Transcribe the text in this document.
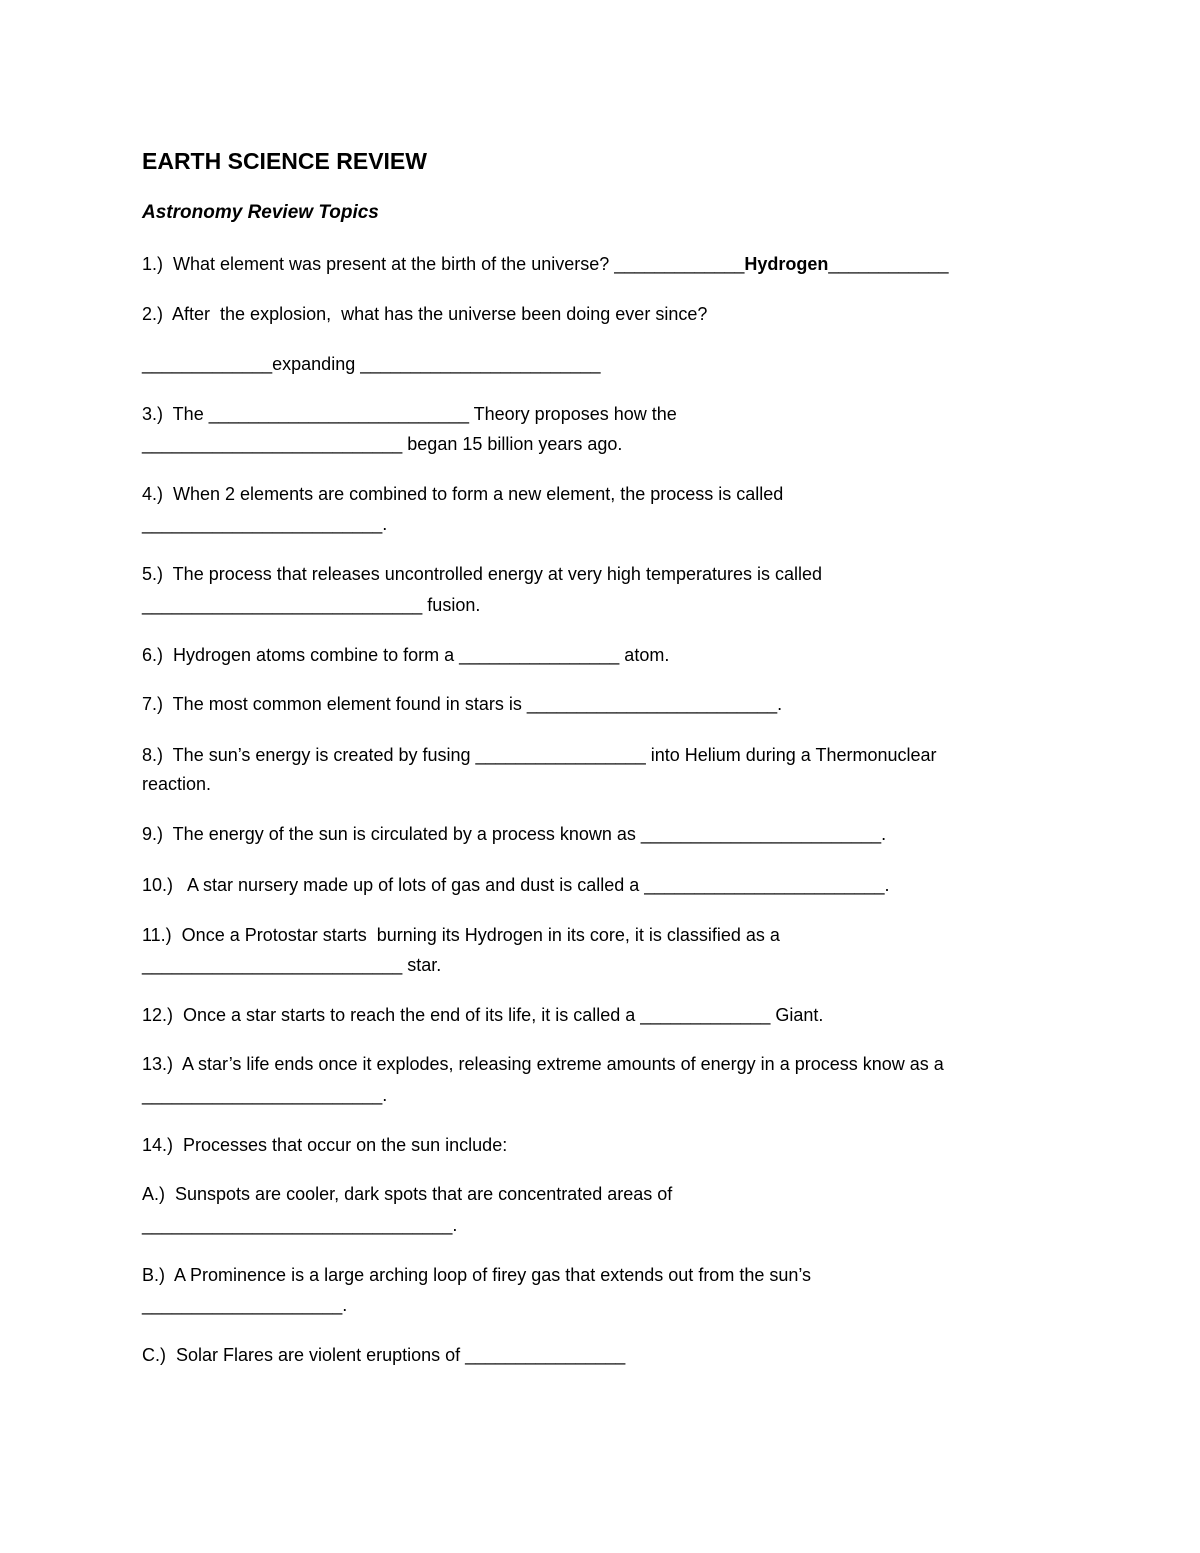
EARTH SCIENCE REVIEW
Astronomy Review Topics
1.)  What element was present at the birth of the universe? _____________Hydrogen____________
2.)  After  the explosion,  what has the universe been doing ever since?
_____________expanding ________________________
3.)  The __________________________ Theory proposes how the
__________________________ began 15 billion years ago.
4.)  When 2 elements are combined to form a new element, the process is called
________________________.
5.)  The process that releases uncontrolled energy at very high temperatures is called
____________________________ fusion.
6.)  Hydrogen atoms combine to form a ________________ atom.
7.)  The most common element found in stars is _________________________.
8.)  The sun’s energy is created by fusing _________________ into Helium during a Thermonuclear
reaction.
9.)  The energy of the sun is circulated by a process known as ________________________.
10.)   A star nursery made up of lots of gas and dust is called a ________________________.
11.)  Once a Protostar starts  burning its Hydrogen in its core, it is classified as a
__________________________ star.
12.)  Once a star starts to reach the end of its life, it is called a _____________ Giant.
13.)  A star’s life ends once it explodes, releasing extreme amounts of energy in a process know as a
________________________.
14.)  Processes that occur on the sun include:
A.)  Sunspots are cooler, dark spots that are concentrated areas of
_______________________________.
B.)  A Prominence is a large arching loop of firey gas that extends out from the sun’s
____________________.
C.)  Solar Flares are violent eruptions of ________________
